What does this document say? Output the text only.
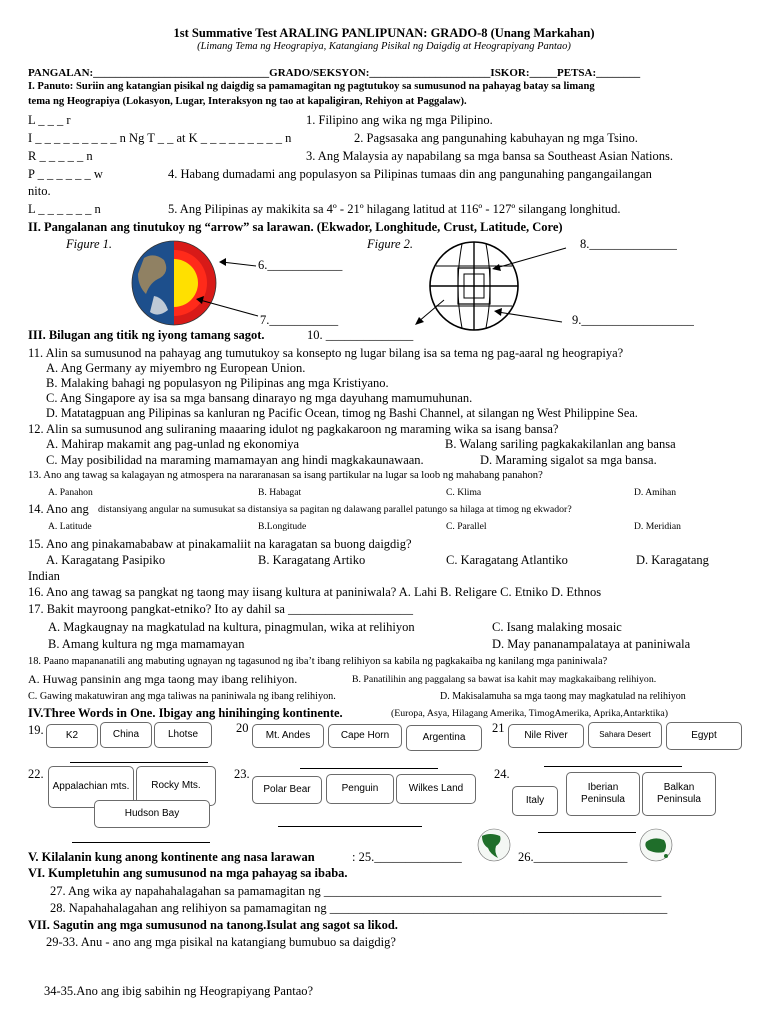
1st Summative Test ARALING PANLIPUNAN: GRADO-8 (Unang Markahan)
(Limang Tema ng Heograpiya, Katangiang Pisikal ng Daigdig at Heograpiyang Pantao)
PANGALAN:________________________________GRADO/SEKSYON:______________________ISKOR:_____PETSA:________
I. Panuto: Suriin ang katangian pisikal ng daigdig sa pamamagitan ng pagtutukoy sa sumusunod na pahayag batay sa limang
tema ng Heograpiya (Lokasyon, Lugar, Interaksyon ng tao at kapaligiran, Rehiyon at Paggalaw).
L _ _ _ r	1. Filipino ang wika ng mga Pilipino.
I _ _ _ _ _ _ _ _ _ n Ng T _ _ at K _ _ _ _ _ _ _ _ _ n	2. Pagsasaka ang pangunahing kabuhayan ng mga Tsino.
R _ _ _ _ _ n	3. Ang Malaysia ay napabilang sa mga bansa sa Southeast Asian Nations.
P _ _ _ _ _ _ w	4. Habang dumadami ang populasyon sa Pilipinas tumaas din ang pangunahing pangangailangan
nito.
L _ _ _ _ _ _ n	5. Ang Pilipinas ay makikita sa 4º - 21º hilagang latitud at 116º - 127º silangang longhitud.
II. Pangalanan ang tinutukoy ng “arrow” sa larawan. (Ekwador, Longhitude, Crust, Latitude, Core)
Figure 1.	Figure 2.	8.______________
6.____________
7.___________	9.__________________
III. Bilugan ang titik ng iyong tamang sagot.	10. ______________
11. Alin sa sumusunod na pahayag ang tumutukoy sa konsepto ng lugar bilang isa sa tema ng pag-aaral ng heograpiya?
A. Ang Germany ay miyembro ng European Union.
B. Malaking bahagi ng populasyon ng Pilipinas ang mga Kristiyano.
C. Ang Singapore ay isa sa mga bansang dinarayo ng mga dayuhang mamumuhunan.
D. Matatagpuan ang Pilipinas sa kanluran ng Pacific Ocean, timog ng Bashi Channel, at silangan ng West Philippine Sea.
12. Alin sa sumusunod ang suliraning maaaring idulot ng pagkakaroon ng maraming wika sa isang bansa?
A. Mahirap makamit ang pag-unlad ng ekonomiya	B. Walang sariling pagkakakilanlan ang bansa
C. May posibilidad na maraming mamamayan ang hindi magkakaunawaan.	D. Maraming sigalot sa mga bansa.
13. Ano ang tawag sa kalagayan ng atmospera na nararanasan sa isang partikular na lugar sa loob ng mahabang panahon?
A. Panahon	B. Habagat	C. Klima	D. Amihan
14. Ano ang distansiyang angular na sumusukat sa distansiya sa pagitan ng dalawang parallel patungo sa hilaga at timog ng ekwador?
A. Latitude	B.Longitude	C. Parallel	D. Meridian
15. Ano ang pinakamababaw at pinakamaliit na karagatan sa buong daigdig?
A. Karagatang Pasipiko	B. Karagatang Artiko	C. Karagatang Atlantiko	D. Karagatang
Indian
16. Ano ang tawag sa pangkat ng taong may iisang kultura at paniniwala? A. Lahi B. Religare C. Etniko D. Ethnos
17. Bakit mayroong pangkat-etniko? Ito ay dahil sa ____________________
A. Magkaugnay na magkatulad na kultura, pinagmulan, wika at relihiyon	C. Isang malaking mosaic
B. Amang kultura ng mga mamamayan	D. May pananampalataya at paniniwala
18. Paano mapananatili ang mabuting ugnayan ng tagasunod ng iba’t ibang relihiyon sa kabila ng pagkakaiba ng kanilang mga paniniwala?
A. Huwag pansinin ang mga taong may ibang relihiyon.	B. Panatilihin ang paggalang sa bawat isa kahit may magkakaibang relihiyon.
C. Gawing makatuwiran ang mga taliwas na paniniwala ng ibang relihiyon.	D. Makisalamuha sa mga taong may magkatulad na relihiyon
IV.Three Words in One. Ibigay ang hinihinging kontinente.	(Europa, Asya, Hilagang Amerika, TimogAmerika, Aprika,Antarktika)
19.	K2	China	Lhotse	20
Mt. Andes	Cape Horn	Argentina
21
Nile River	Sahara Desert	Egypt
22.
Appalachian mts.	Rocky Mts.
Hudson Bay
23.
Polar Bear	Penguin	Wilkes Land
24.
Italy
Iberian Peninsula
Balkan Peninsula
V. Kilalanin kung anong kontinente ang nasa larawan	: 25.______________	26._______________
VI. Kumpletuhin ang sumusunod na mga pahayag sa ibaba.
27. Ang wika ay napahahalagahan sa pamamagitan ng ______________________________________________________
28. Napahahalagahan ang relihiyon sa pamamagitan ng ______________________________________________________
VII. Sagutin ang mga sumusunod na tanong.Isulat ang sagot sa likod.
29-33. Anu - ano ang mga pisikal na katangiang bumubuo sa daigdig?
34-35.Ano ang ibig sabihin ng Heograpiyang Pantao?
